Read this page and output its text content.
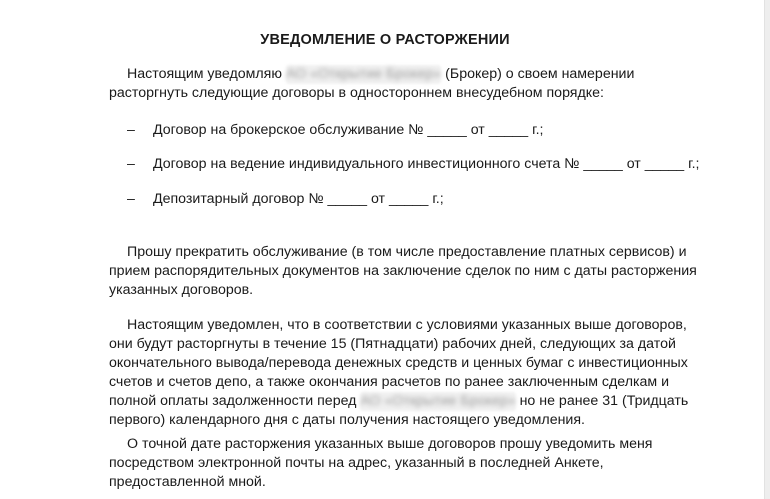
УВЕДОМЛЕНИЕ О РАСТОРЖЕНИИ
Настоящим уведомляю АО «Открытие Брокер» (Брокер) о своем намерении
расторгнуть следующие договоры в одностороннем внесудебном порядке:
– Договор на брокерское обслуживание № _____ от _____ г.;
– Договор на ведение индивидуального инвестиционного счета № _____ от _____ г.;
– Депозитарный договор № _____ от _____ г.;
Прошу прекратить обслуживание (в том числе предоставление платных сервисов) и
прием распорядительных документов на заключение сделок по ним с даты расторжения
указанных договоров.
Настоящим уведомлен, что в соответствии с условиями указанных выше договоров,
они будут расторгнуты в течение 15 (Пятнадцати) рабочих дней, следующих за датой
окончательного вывода/перевода денежных средств и ценных бумаг с инвестиционных
счетов и счетов депо, а также окончания расчетов по ранее заключенным сделкам и
полной оплаты задолженности перед АО «Открытие Брокер» но не ранее 31 (Тридцать
первого) календарного дня с даты получения настоящего уведомления.
О точной дате расторжения указанных выше договоров прошу уведомить меня
посредством электронной почты на адрес, указанный в последней Анкете,
предоставленной мной.
